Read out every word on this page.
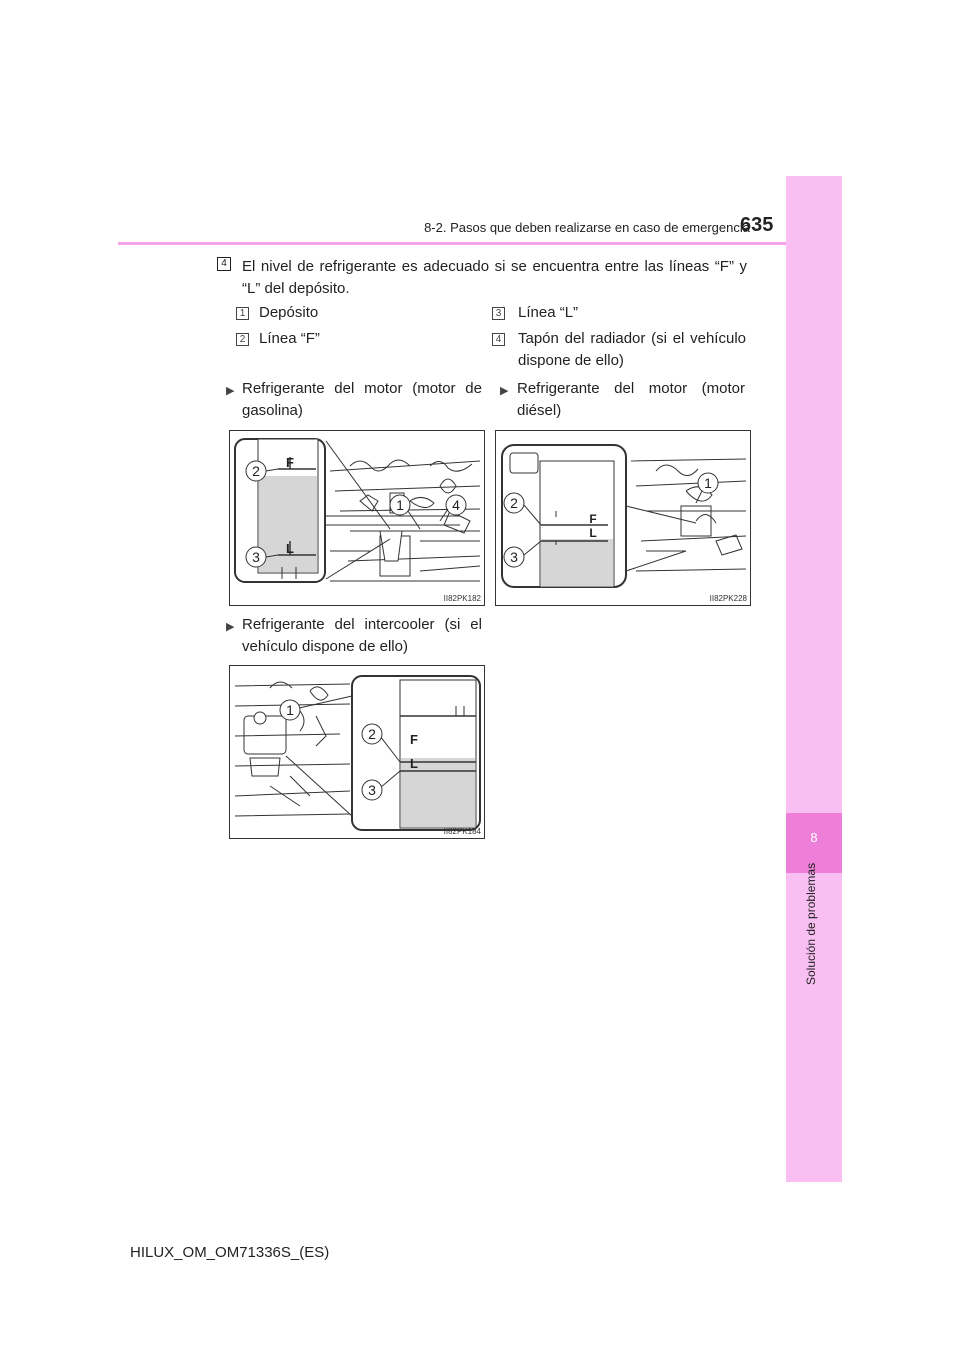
8-2. Pasos que deben realizarse en caso de emergencia
635
8
Solución de problemas
4 El nivel de refrigerante es adecuado si se encuentra entre las líneas “F” y “L” del depósito.
1 Depósito
2 Línea “F”
3 Línea “L”
4 Tapón del radiador (si el vehículo dispone de ello)
▶ Refrigerante del motor (motor de gasolina)
▶ Refrigerante del motor (motor diésel)
▶ Refrigerante del intercooler (si el vehículo dispone de ello)
2
1	4
3
F
L
II82PK182
2
1
3
F
L
II82PK228
1
2
3
F
L
II82PK184
HILUX_OM_OM71336S_(ES)
